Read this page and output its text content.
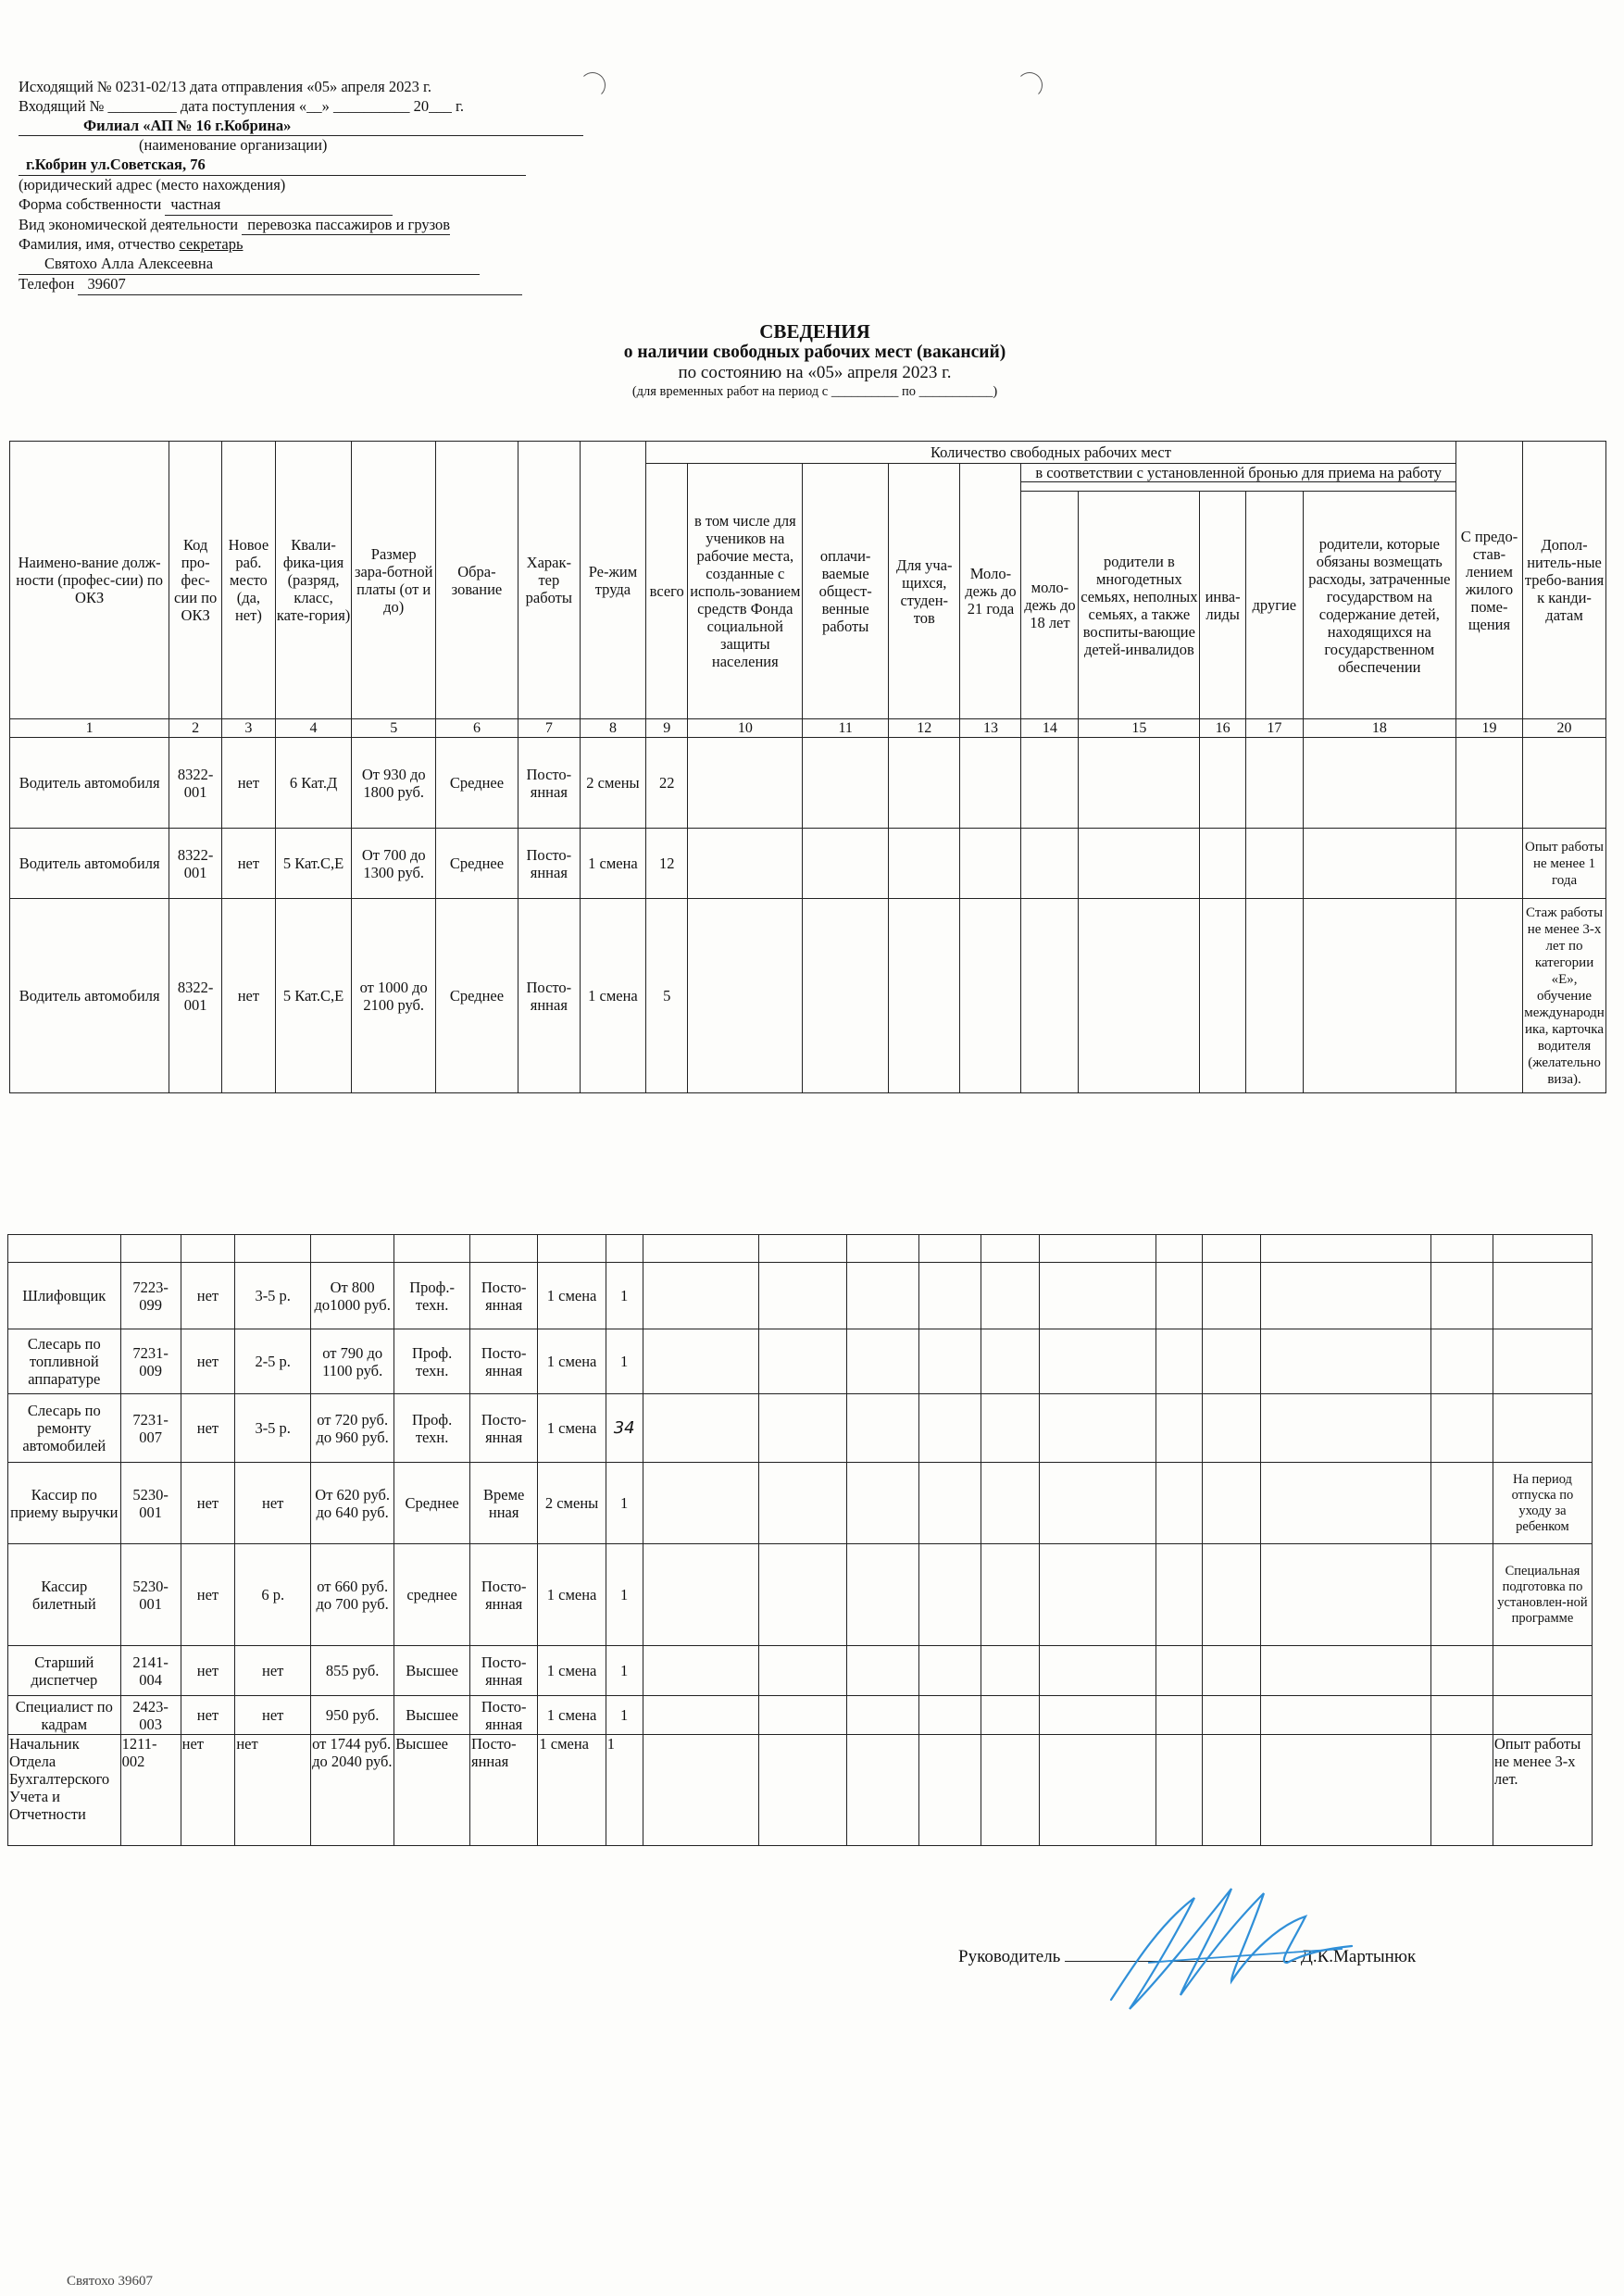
Исходящий № 0231-02/13 дата отправления «05» апреля 2023 г.
Входящий № _________ дата поступления «__» __________ 20___ г.
Филиал «АП № 16 г.Кобрина»
(наименование организации)
г.Кобрин ул.Советская, 76
(юридический адрес (место нахождения)
Форма собственности частная
Вид экономической деятельности перевозка пассажиров и грузов
Фамилия, имя, отчество секретарь
Святохо Алла Алексеевна
Телефон 39607
СВЕДЕНИЯ
о наличии свободных рабочих мест (вакансий)
по состоянию на «05» апреля 2023 г.
(для временных работ на период с __________ по ___________)
Наимено-вание долж-ности (профес-сии) по ОКЗ	Код про-фес-сии по ОКЗ	Новое раб. место (да, нет)	Квали-фика-ция (разряд, класс, кате-гория)	Размер зара-ботной платы (от и до)	Обра-зование	Харак-тер работы	Ре-жим труда	Количество свободных рабочих мест										С предо-став-лением жилого поме-щения	Допол-нитель-ные требо-вания к канди-датам
								всего	в том числе для учеников на рабочие места, созданные с исполь-зованием средств Фонда социальной защиты населения	оплачи-ваемые общест-венные работы	Для уча-щихся, студен-тов	Моло-дежь до 21 года	в соответствии с установленной бронью для приема на работу						

													моло-дежь до 18 лет	родители в многодетных семьях, неполных семьях, а также воспиты-вающие детей-инвалидов	инва-лиды	другие	родители, которые обязаны возмещать расходы, затраченные государством на содержание детей, находящихся на государственном обеспечении		
1	2	3	4	5	6	7	8	9	10	11	12	13	14	15	16	17	18	19	20
Водитель автомобиля	8322-001	нет	6 Кат.Д	От 930 до 1800 руб.	Среднее	Посто-янная	2 смены	22											
Водитель автомобиля	8322-001	нет	5 Кат.С,Е	От 700 до 1300 руб.	Среднее	Посто-янная	1 смена	12											Опыт работы не менее 1 года
Водитель автомобиля	8322-001	нет	5 Кат.С,Е	от 1000 до 2100 руб.	Среднее	Посто-янная	1 смена	5											Стаж работы не менее 3-х лет по категории «Е», обучение международн ика, карточка водителя (желательно виза).

Шлифовщик	7223-099	нет	3-5 р.	От 800 до1000 руб.	Проф.-техн.	Посто-янная	1 смена	1											
Слесарь по топливной аппаратуре	7231-009	нет	2-5 р.	от 790 до 1100 руб.	Проф. техн.	Посто-янная	1 смена	1											
Слесарь по ремонту автомобилей	7231-007	нет	3-5 р.	от 720 руб. до 960 руб.	Проф. техн.	Посто-янная	1 смена	34											
Кассир по приему выручки	5230-001	нет	нет	От 620 руб. до 640 руб.	Среднее	Време нная	2 смены	1											На период отпуска по уходу за ребенком
Кассир билетный	5230-001	нет	6 р.	от 660 руб. до 700 руб.	среднее	Посто-янная	1 смена	1											Специальная подготовка по установлен-ной программе
Старший диспетчер	2141-004	нет	нет	855 руб.	Высшее	Посто-янная	1 смена	1											
Специалист по кадрам	2423-003	нет	нет	950 руб.	Высшее	Посто-янная	1 смена	1											
Начальник Отдела Бухгалтерского Учета и Отчетности	1211-002	нет	нет	от 1744 руб. до 2040 руб.	Высшее	Посто-янная	1 смена	1											Опыт работы не менее 3-х лет.
Руководитель	Д.К.Мартынюк
Святохо 39607
